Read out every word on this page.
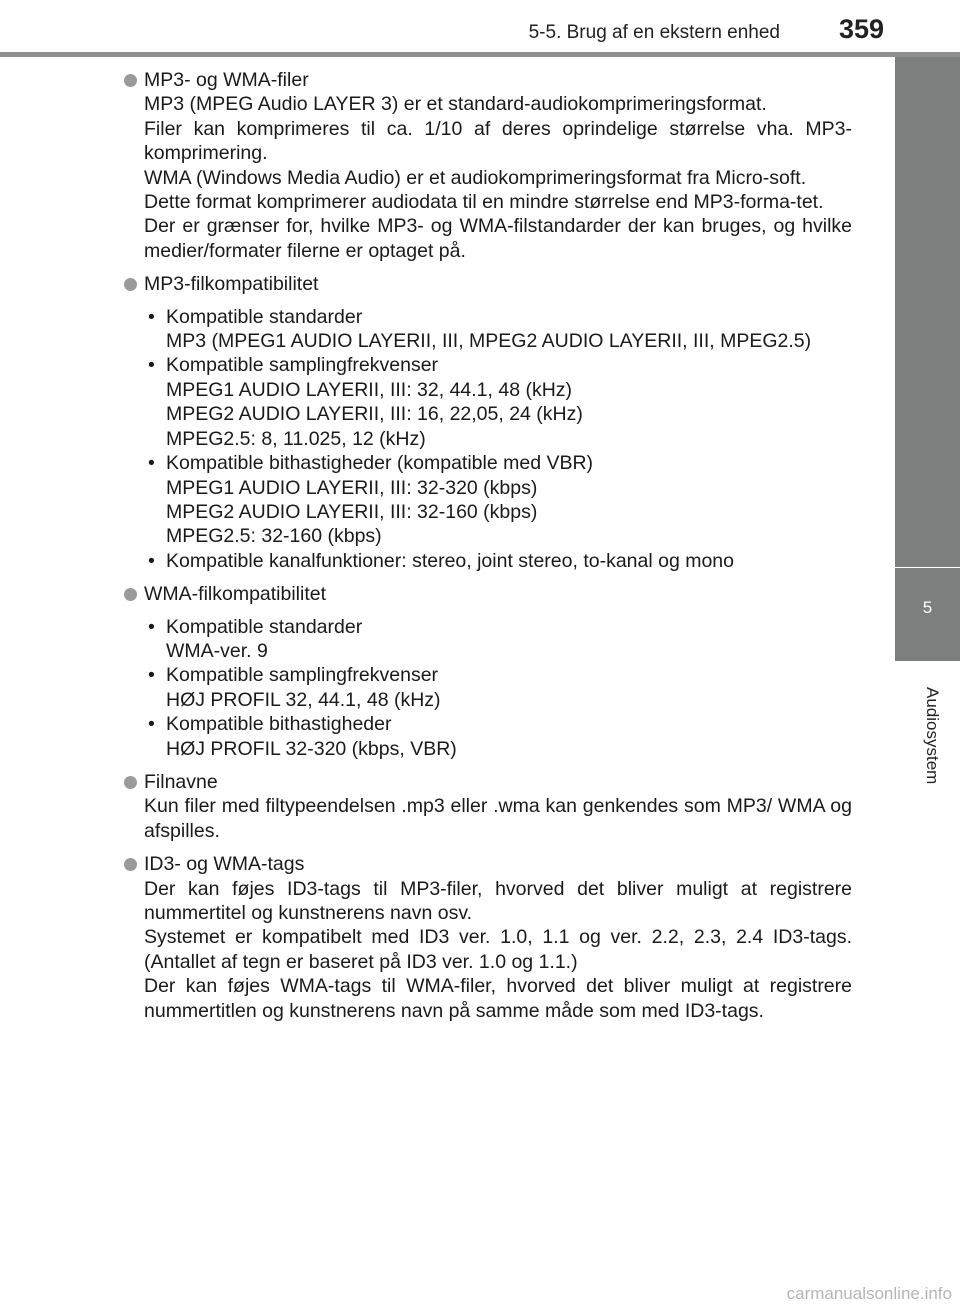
5-5. Brug af en ekstern enhed 359
5
Audiosystem
MP3- og WMA-filer
MP3 (MPEG Audio LAYER 3) er et standard-audiokomprimeringsformat.
Filer kan komprimeres til ca. 1/10 af deres oprindelige størrelse vha. MP3-komprimering.
WMA (Windows Media Audio) er et audiokomprimeringsformat fra Micro-soft.
Dette format komprimerer audiodata til en mindre størrelse end MP3-forma-tet.
Der er grænser for, hvilke MP3- og WMA-filstandarder der kan bruges, og hvilke medier/formater filerne er optaget på.
MP3-filkompatibilitet
• Kompatible standarder
MP3 (MPEG1 AUDIO LAYERII, III, MPEG2 AUDIO LAYERII, III, MPEG2.5)
• Kompatible samplingfrekvenser
MPEG1 AUDIO LAYERII, III: 32, 44.1, 48 (kHz)
MPEG2 AUDIO LAYERII, III: 16, 22,05, 24 (kHz)
MPEG2.5: 8, 11.025, 12 (kHz)
• Kompatible bithastigheder (kompatible med VBR)
MPEG1 AUDIO LAYERII, III: 32-320 (kbps)
MPEG2 AUDIO LAYERII, III: 32-160 (kbps)
MPEG2.5: 32-160 (kbps)
• Kompatible kanalfunktioner: stereo, joint stereo, to-kanal og mono
WMA-filkompatibilitet
• Kompatible standarder
WMA-ver. 9
• Kompatible samplingfrekvenser
HØJ PROFIL 32, 44.1, 48 (kHz)
• Kompatible bithastigheder
HØJ PROFIL 32-320 (kbps, VBR)
Filnavne
Kun filer med filtypeendelsen .mp3 eller .wma kan genkendes som MP3/ WMA og afspilles.
ID3- og WMA-tags
Der kan føjes ID3-tags til MP3-filer, hvorved det bliver muligt at registrere nummertitel og kunstnerens navn osv.
Systemet er kompatibelt med ID3 ver. 1.0, 1.1 og ver. 2.2, 2.3, 2.4 ID3-tags. (Antallet af tegn er baseret på ID3 ver. 1.0 og 1.1.)
Der kan føjes WMA-tags til WMA-filer, hvorved det bliver muligt at registrere nummertitlen og kunstnerens navn på samme måde som med ID3-tags.
carmanualsonline.info
